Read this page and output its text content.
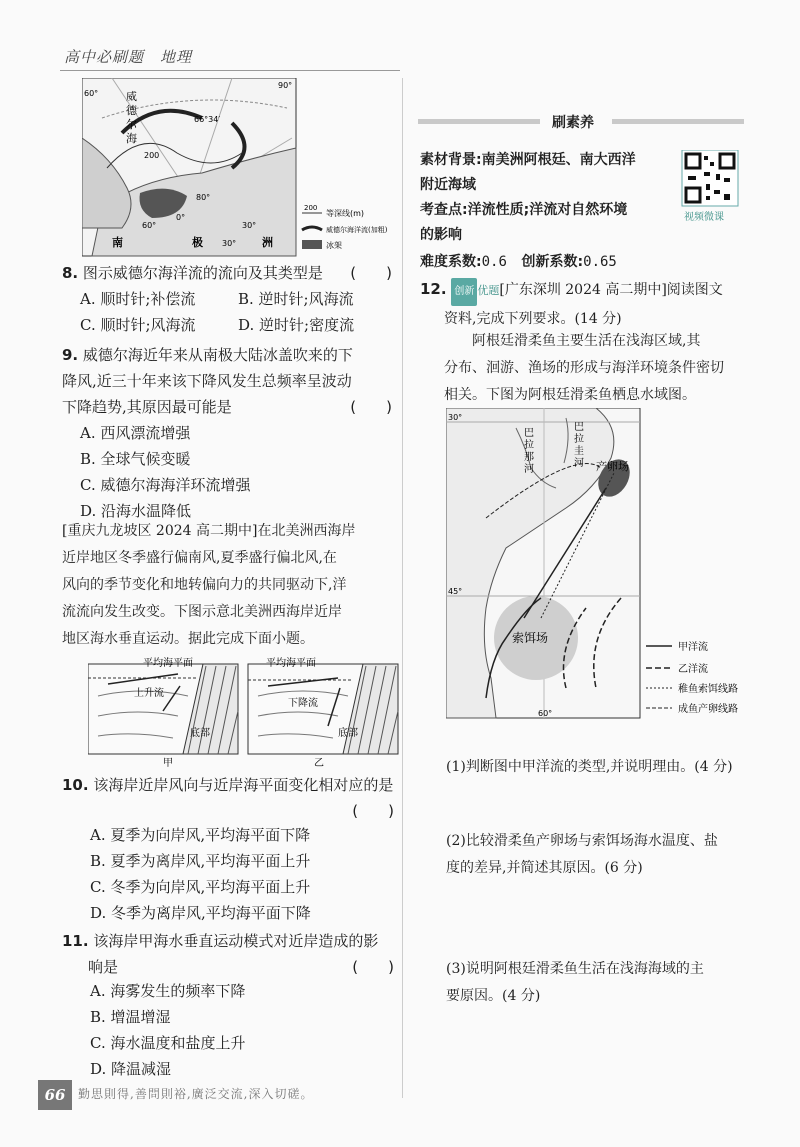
高中必刷题　地理
威
德
尔
海
66°34′
200
60°
80°
60°	30°
0°
30°
90°
南	极	洲
200
等深线(m)
威德尔海洋流(加粗)
冰架
8. 图示威德尔海洋流的流向及其类型是 (　　)
A. 顺时针;补偿流	B. 逆时针;风海流
C. 顺时针;风海流	D. 逆时针;密度流
9. 威德尔海近年来从南极大陆冰盖吹来的下
降风,近三十年来该下降风发生总频率呈波动
下降趋势,其原因最可能是	(　　)
A. 西风漂流增强
B. 全球气候变暖
C. 威德尔海海洋环流增强
D. 沿海水温降低
[重庆九龙坡区 2024 高二期中]在北美洲西海岸
近岸地区冬季盛行偏南风,夏季盛行偏北风,在
风向的季节变化和地转偏向力的共同驱动下,洋
流流向发生改变。下图示意北美洲西海岸近岸
地区海水垂直运动。据此完成下面小题。
平均海平面
上升流
底部
甲
平均海平面
下降流
底部
乙
10. 该海岸近岸风向与近岸海平面变化相对应的是
(　　)
A. 夏季为向岸风,平均海平面下降
B. 夏季为离岸风,平均海平面上升
C. 冬季为向岸风,平均海平面上升
D. 冬季为离岸风,平均海平面下降
11. 该海岸甲海水垂直运动模式对近岸造成的影
响是	(　　)
A. 海雾发生的频率下降
B. 增温增湿
C. 海水温度和盐度上升
D. 降温减湿
刷素养
素材背景:南美洲阿根廷、南大西洋
附近海域
考查点:洋流性质;洋流对自然环境
的影响
难度系数:0.6 创新系数:0.65
视频微课
12. 创新 优题[广东深圳 2024 高二期中]阅读图文
资料,完成下列要求。(14 分)
阿根廷滑柔鱼主要生活在浅海区域,其
分布、洄游、渔场的形成与海洋环境条件密切
相关。下图为阿根廷滑柔鱼栖息水域图。
30°
45°
60°
巴
拉
那
河
巴
拉
圭
河 产卵场
索饵场
甲洋流
乙洋流
稚鱼索饵线路
成鱼产卵线路
(1)判断图中甲洋流的类型,并说明理由。(4 分)
(2)比较滑柔鱼产卵场与索饵场海水温度、盐
度的差异,并简述其原因。(6 分)
(3)说明阿根廷滑柔鱼生活在浅海海域的主
要原因。(4 分)
66	勤思則得,善問則裕,廣泛交流,深入切磋。
